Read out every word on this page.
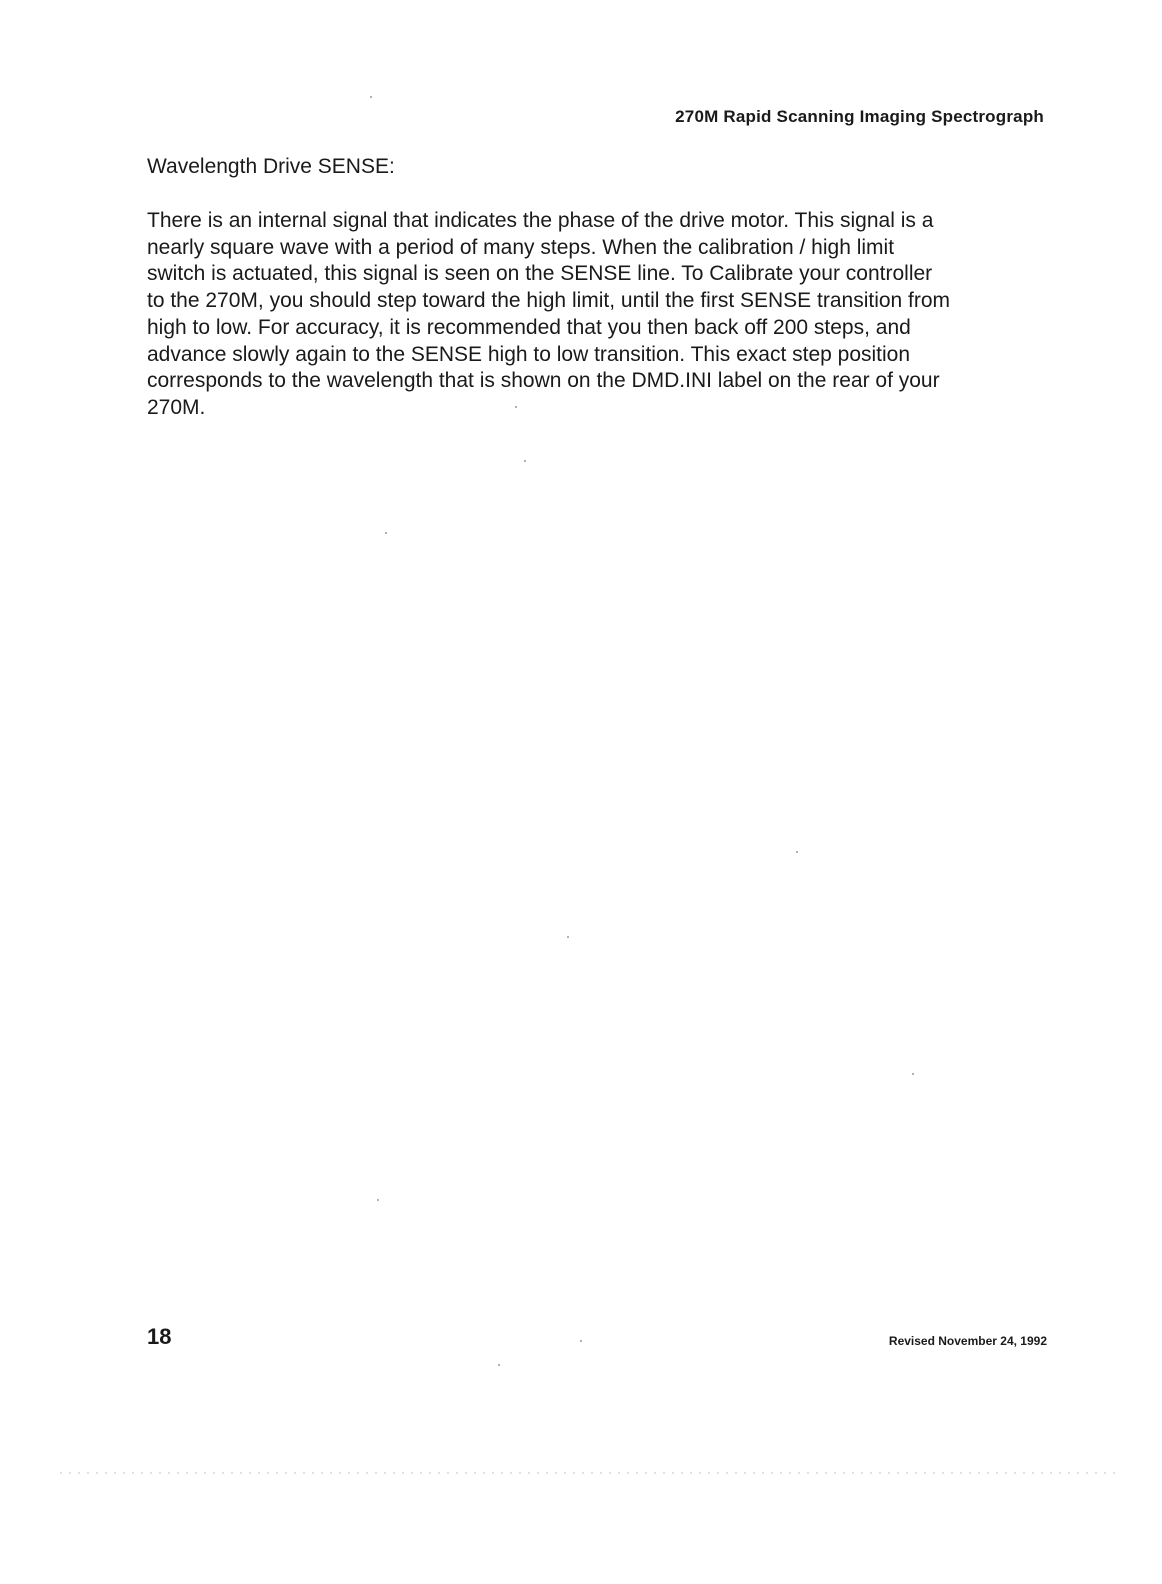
270M Rapid Scanning Imaging Spectrograph
Wavelength Drive SENSE:

There is an internal signal that indicates the phase of the drive motor. This signal is a
nearly square wave with a period of many steps. When the calibration / high limit
switch is actuated, this signal is seen on the SENSE line. To Calibrate your controller
to the 270M, you should step toward the high limit, until the first SENSE transition from
high to low. For accuracy, it is recommended that you then back off 200 steps, and
advance slowly again to the SENSE high to low transition. This exact step position
corresponds to the wavelength that is shown on the DMD.INI label on the rear of your
270M.

18	Revised November 24, 1992
